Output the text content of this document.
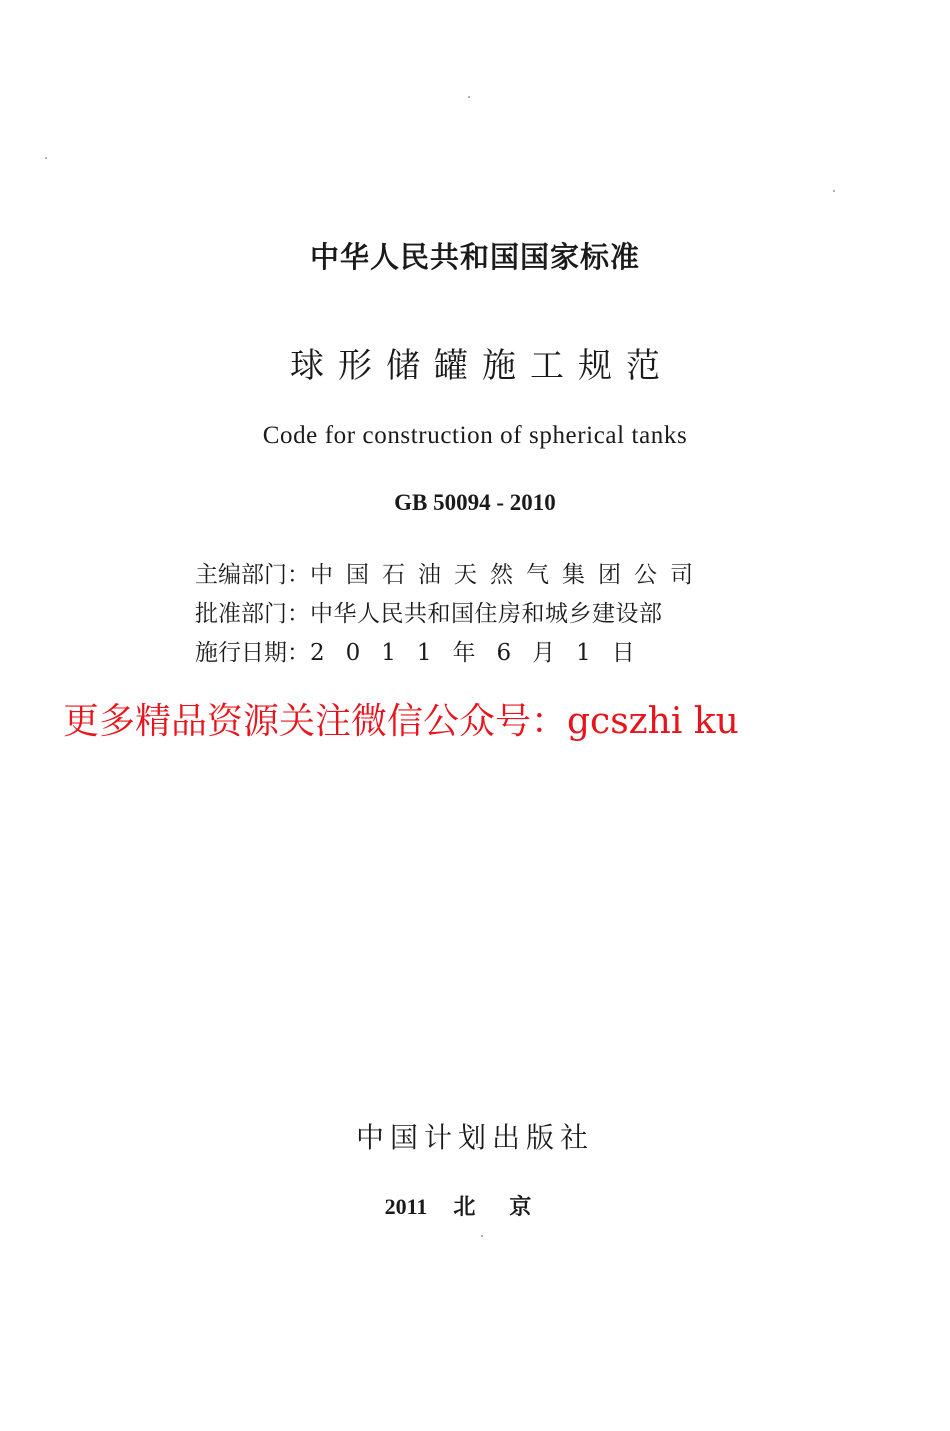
中华人民共和国国家标准
球形储罐施工规范
Code for construction of spherical tanks
GB 50094 - 2010
主编部门： 中国石油天然气集团公司
批准部门： 中华人民共和国住房和城乡建设部
施行日期： 2011年6月1日
更多精品资源关注微信公众号：gcszhi ku
中国计划出版社
2011 北京
